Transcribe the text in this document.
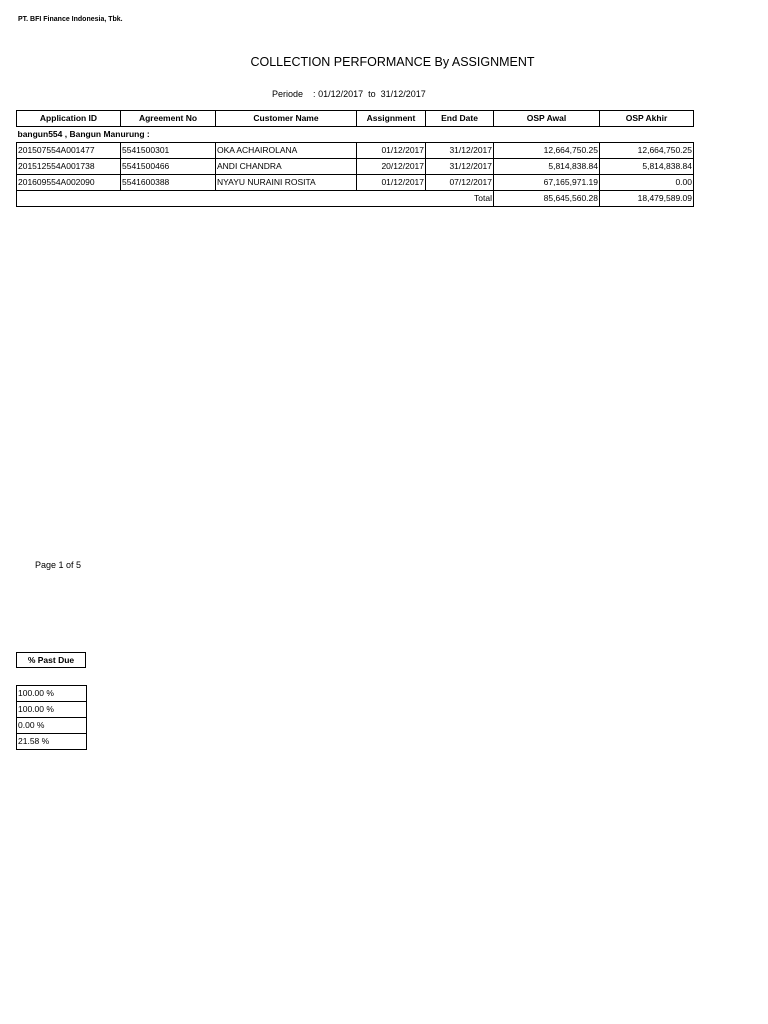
PT. BFI Finance Indonesia, Tbk.
COLLECTION PERFORMANCE By ASSIGNMENT
Periode : 01/12/2017 to 31/12/2017
Application ID	Agreement No	Customer Name	Assignment	End Date	OSP Awal	OSP Akhir
bangun554 , Bangun Manurung :						
201507554A001477	5541500301	OKA ACHAIROLANA	01/12/2017	31/12/2017	12,664,750.25	12,664,750.25
201512554A001738	5541500466	ANDI CHANDRA	20/12/2017	31/12/2017	5,814,838.84	5,814,838.84
201609554A002090	5541600388	NYAYU NURAINI ROSITA	01/12/2017	07/12/2017	67,165,971.19	0.00
				Total	85,645,560.28	18,479,589.09
Page 1 of 5
% Past Due
100.00 %
100.00 %
0.00 %
21.58 %
